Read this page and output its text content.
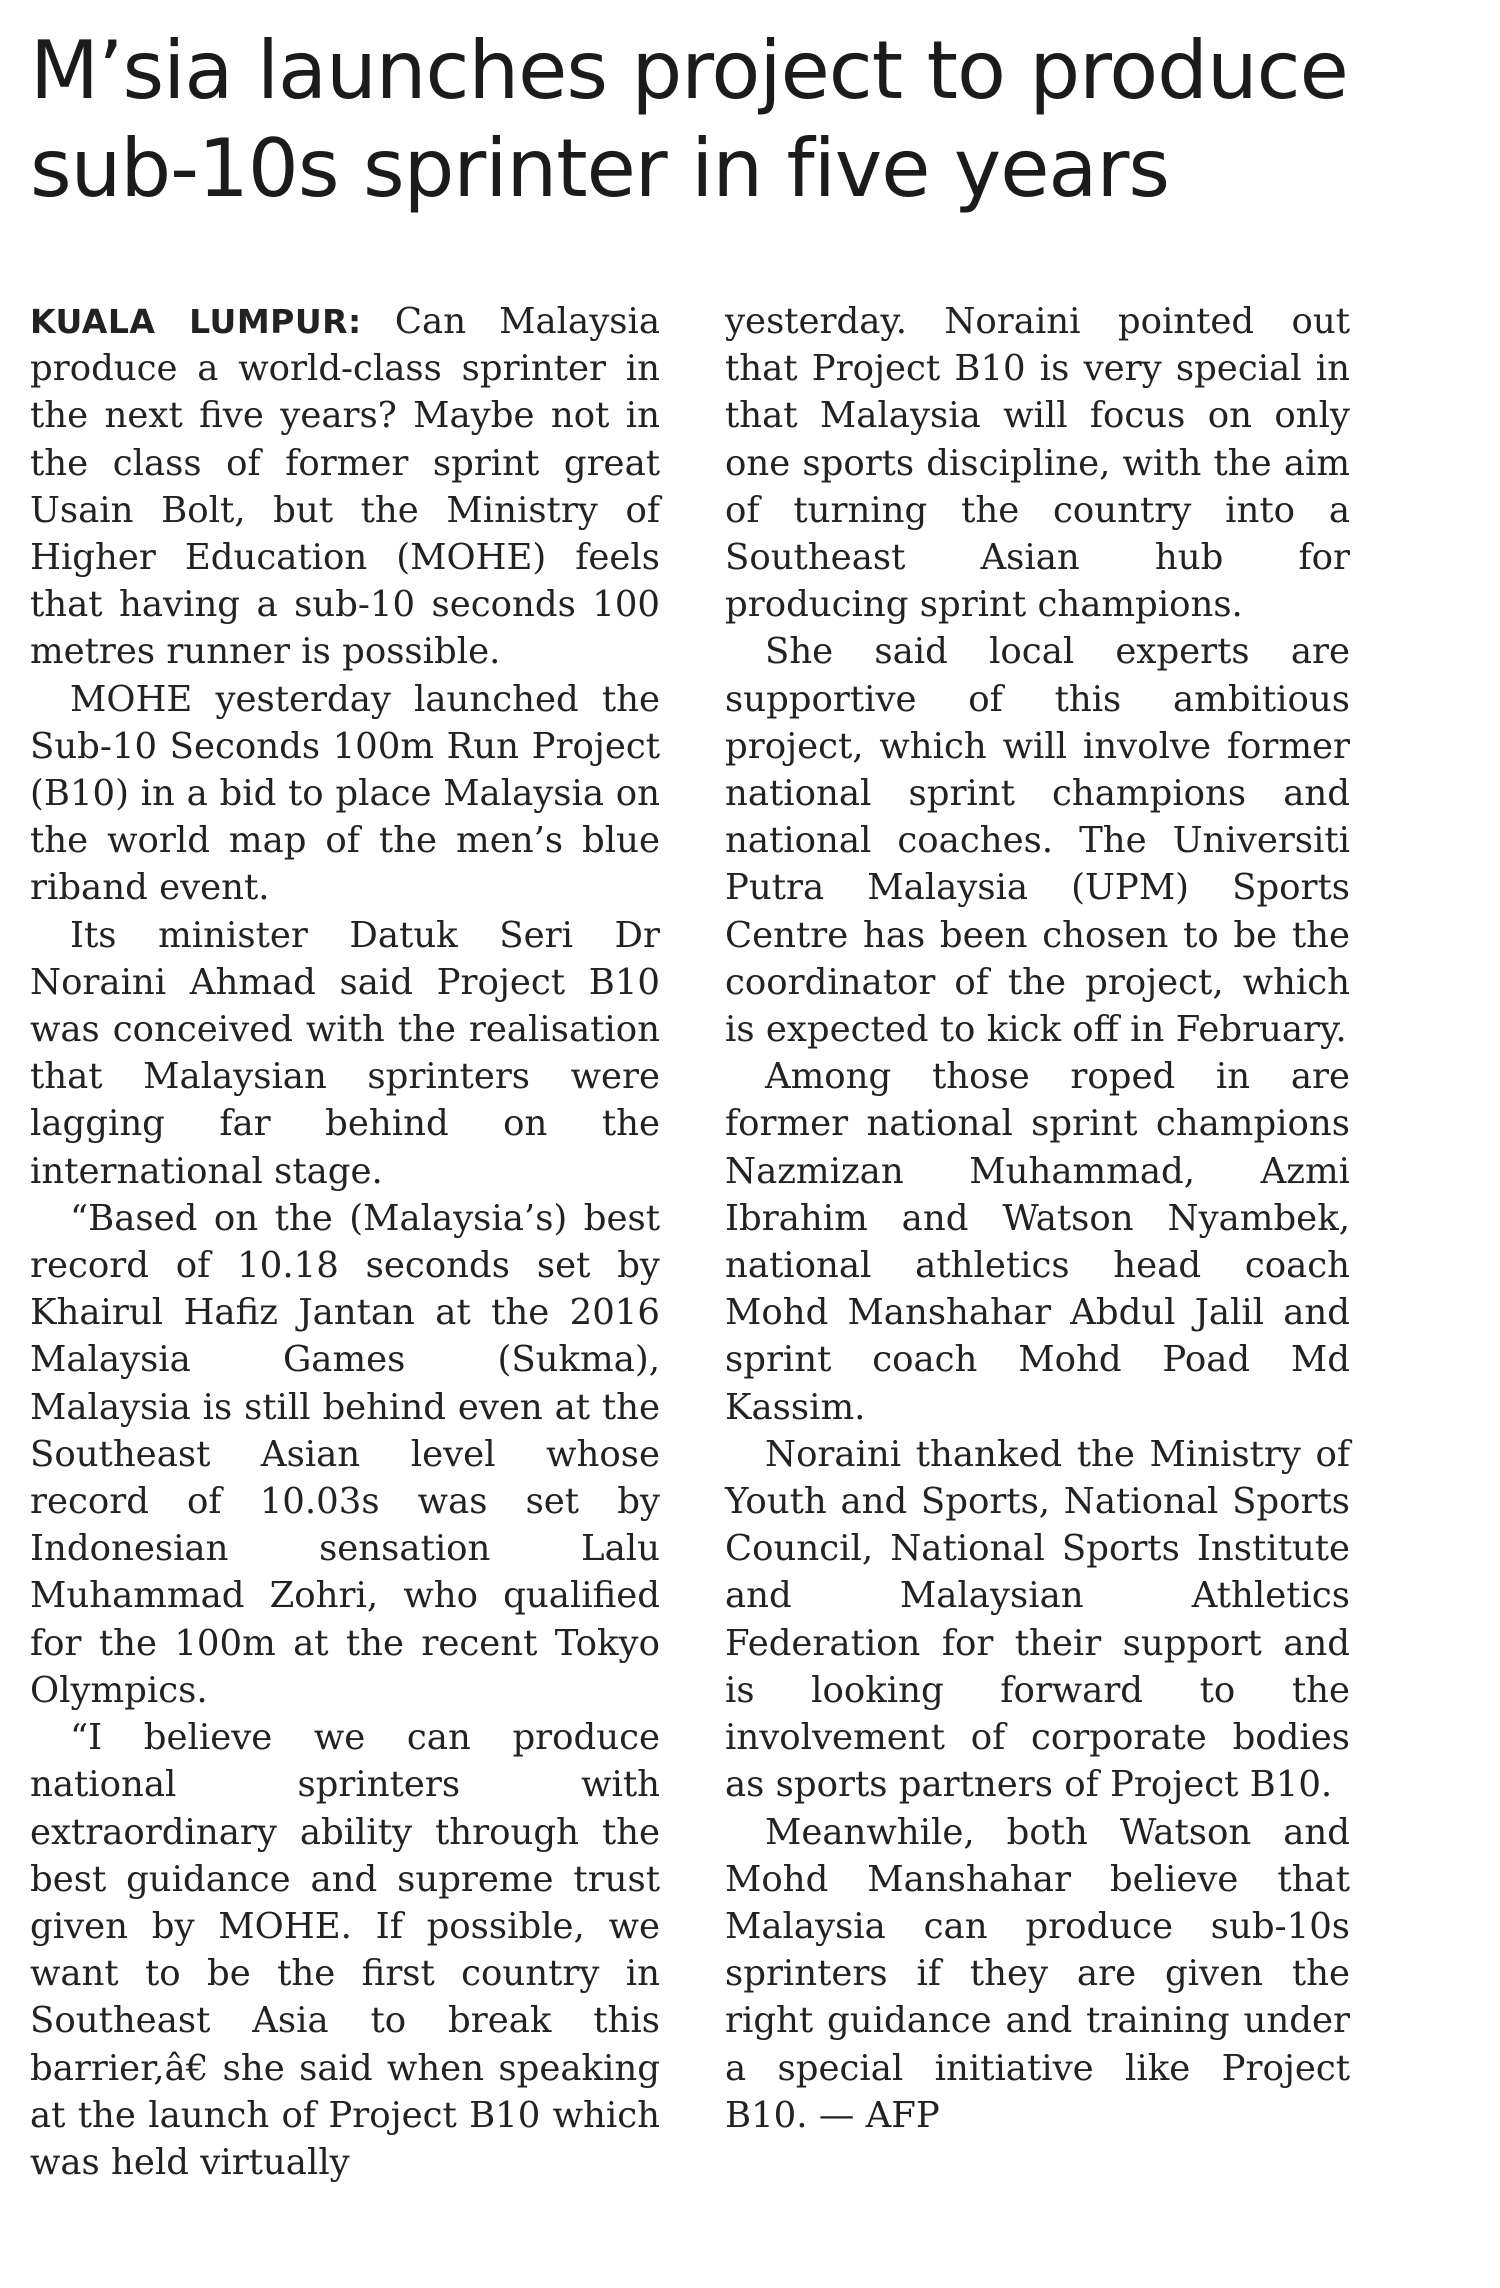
M’sia launches project to produce
sub-10s sprinter in five years

KUALA LUMPUR: Can Malaysia produce a world-class sprinter in the next five years? Maybe not in the class of former sprint great Usain Bolt, but the Ministry of Higher Education (MOHE) feels that having a sub-10 seconds 100 metres runner is possible.

MOHE yesterday launched the Sub-10 Seconds 100m Run Project (B10) in a bid to place Malaysia on the world map of the men’s blue riband event.

Its minister Datuk Seri Dr Noraini Ahmad said Project B10 was conceived with the realisation that Malaysian sprinters were lagging far behind on the international stage.

“Based on the (Malaysia’s) best record of 10.18 seconds set by Khairul Hafiz Jantan at the 2016 Malaysia Games (Sukma), Malaysia is still behind even at the Southeast Asian level whose record of 10.03s was set by Indonesian sensation Lalu Muhammad Zohri, who qualified for the 100m at the recent Tokyo Olympics.

“I believe we can produce national sprinters with extraordinary ability through the best guidance and supreme trust given by MOHE. If possible, we want to be the first country in Southeast Asia to break this barrier,â€ she said when speaking at the launch of Project B10 which was held virtually

yesterday. Noraini pointed out that Project B10 is very special in that Malaysia will focus on only one sports discipline, with the aim of turning the country into a Southeast Asian hub for producing sprint champions.

She said local experts are supportive of this ambitious project, which will involve former national sprint champions and national coaches. The Universiti Putra Malaysia (UPM) Sports Centre has been chosen to be the coordinator of the project, which is expected to kick off in February.

Among those roped in are former national sprint champions Nazmizan Muhammad, Azmi Ibrahim and Watson Nyambek, national athletics head coach Mohd Manshahar Abdul Jalil and sprint coach Mohd Poad Md Kassim.

Noraini thanked the Ministry of Youth and Sports, National Sports Council, National Sports Institute and Malaysian Athletics Federation for their support and is looking forward to the involvement of corporate bodies as sports partners of Project B10.

Meanwhile, both Watson and Mohd Manshahar believe that Malaysia can produce sub-10s sprinters if they are given the right guidance and training under a special initiative like Project B10. — AFP
